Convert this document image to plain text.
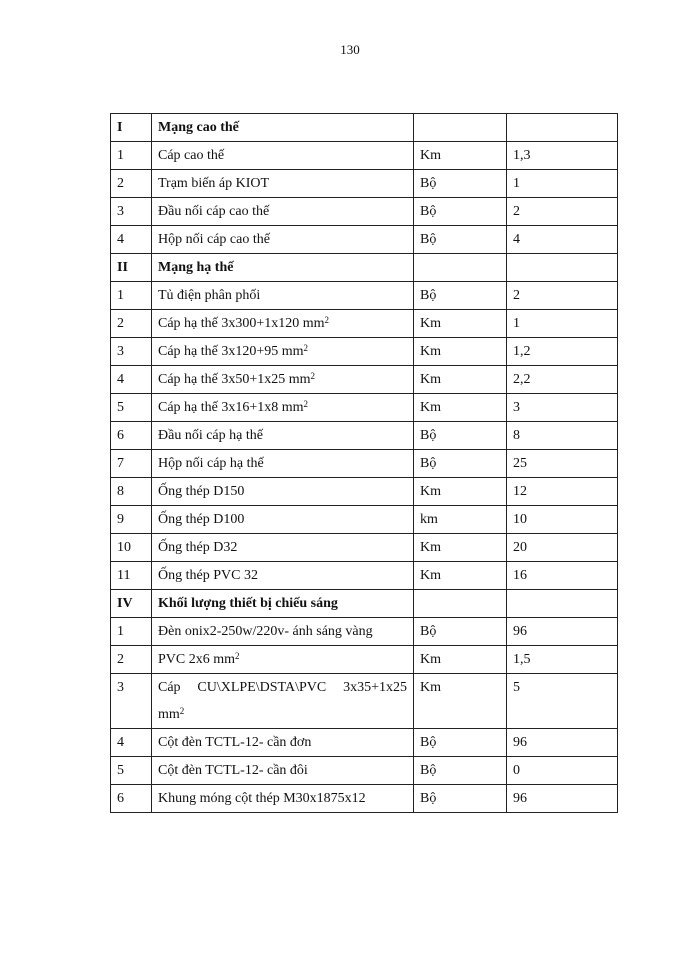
130
I	Mạng cao thế		
1	Cáp cao thế	Km	1,3
2	Trạm biến áp KIOT	Bộ	1
3	Đầu nối cáp cao thế	Bộ	2
4	Hộp nối cáp cao thế	Bộ	4
II	Mạng hạ thế		
1	Tủ điện phân phối	Bộ	2
2	Cáp hạ thế 3x300+1x120 $mm^2$	Km	1
3	Cáp hạ thế 3x120+95 $mm^2$	Km	1,2
4	Cáp hạ thế 3x50+1x25 $mm^2$	Km	2,2
5	Cáp hạ thế 3x16+1x8 $mm^2$	Km	3
6	Đầu nối cáp hạ thế	Bộ	8
7	Hộp nối cáp hạ thế	Bộ	25
8	Ống thép D150	Km	12
9	Ống thép D100	km	10
10	Ống thép D32	Km	20
11	Ống thép PVC 32	Km	16
IV	Khối lượng thiết bị chiếu sáng		
1	Đèn onix2-250w/220v- ánh sáng vàng	Bộ	96
2	PVC 2x6 $mm^2$	Km	1,5
3	Cáp CU\XLPE\DSTA\PVC 3x35+1x25 $mm^2$	Km	5
4	Cột đèn TCTL-12- cần đơn	Bộ	96
5	Cột đèn TCTL-12- cần đôi	Bộ	0
6	Khung móng cột thép M30x1875x12	Bộ	96
